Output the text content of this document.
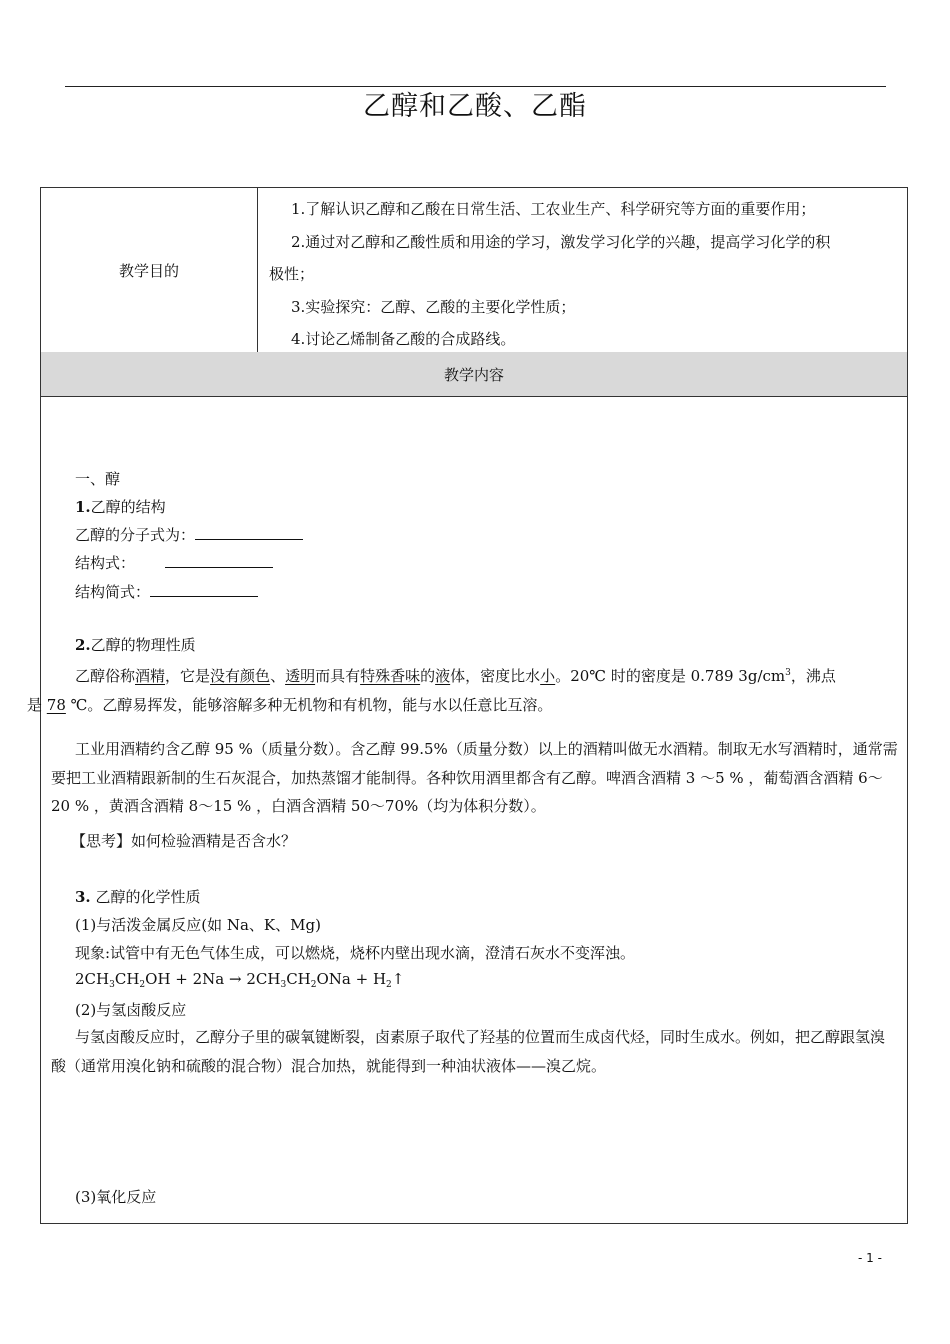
乙醇和乙酸、乙酯
教学目的

1.了解认识乙醇和乙酸在日常生活、工农业生产、科学研究等方面的重要作用；

2.通过对乙醇和乙酸性质和用途的学习，激发学习化学的兴趣，提高学习化学的积

极性；

3.实验探究：乙醇、乙酸的主要化学性质；

4.讨论乙烯制备乙酸的合成路线。

教学内容
一、醇
1.乙醇的结构
乙醇的分子式为：
结构式：
结构简式：
2.乙醇的物理性质
乙醇俗称酒精，它是没有颜色、透明而具有特殊香味的液体，密度比水小。20℃ 时的密度是 0.789 $3g/cm^3$，沸点
是 78 ℃。乙醇易挥发，能够溶解多种无机物和有机物，能与水以任意比互溶。
工业用酒精约含乙醇 95 %（质量分数）。含乙醇 99.5%（质量分数）以上的酒精叫做无水酒精。制取无水写酒精时，通常需要把工业酒精跟新制的生石灰混合，加热蒸馏才能制得。各种饮用酒里都含有乙醇。啤酒含酒精 3 ～5 % ，葡萄酒含酒精 6～20 % ，黄酒含酒精 8～15 % ，白酒含酒精 50～70%（均为体积分数）。
【思考】如何检验酒精是否含水？
3. 乙醇的化学性质
(1)与活泼金属反应(如 Na、K、Mg)
现象:试管中有无色气体生成，可以燃烧，烧杯内壁出现水滴，澄清石灰水不变浑浊。
$2CH_3CH_2OH + 2Na \to 2CH_3CH_2ONa$ + $H_2↑$
(2)与氢卤酸反应
与氢卤酸反应时，乙醇分子里的碳氧键断裂，卤素原子取代了羟基的位置而生成卤代烃，同时生成水。例如，把乙醇跟氢溴酸（通常用溴化钠和硫酸的混合物）混合加热，就能得到一种油状液体——溴乙烷。
(3)氧化反应
- 1 -
